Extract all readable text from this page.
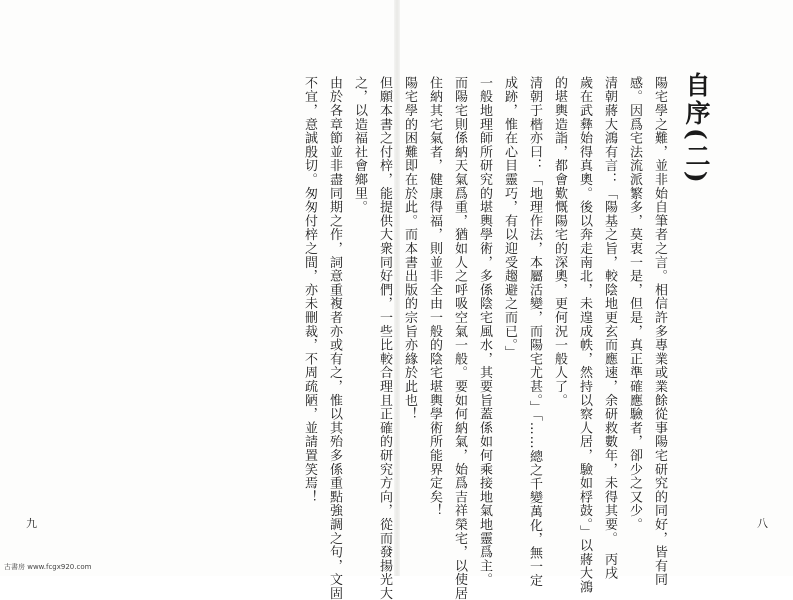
自序(二)
陽宅學之難，並非始自筆者之言。相信許多專業或業餘從事陽宅研究的同好，皆有同
感。因爲宅法流派繁多，莫衷一是，但是，真正準確應驗者，卻少之又少。
清朝蔣大鴻有言：「陽基之旨，較陰地更玄而應速，余研救數年，未得其要。　丙戌
歲在武彝始得真奧。後以奔走南北，未遑成帙，然持以察人居，驗如桴鼓。」以蔣大鴻
的堪輿造詣，都會歎慨陽宅的深奧，更何況一般人了。
清朝于楷亦曰：「地理作法，本屬活變，而陽宅尤甚。」「……總之千變萬化，無一定
成跡，惟在心目靈巧，有以迎受趨避之而已。」
一般地理師所研究的堪輿學術，多係陰宅風水，其要旨蓋係如何乘接地氣地靈爲主。
而陽宅則係納天氣爲重，猶如人之呼吸空氣一般。要如何納氣，始爲吉祥榮宅，以使居
住納其宅氣者，健康得福，則並非全由一般的陰宅堪輿學術所能界定矣！
陽宅學的困難即在於此。而本書出版的宗旨亦緣於此也！
但願本書之付梓，能提供大衆同好們，一些比較合理且正確的研究方向，從而發揚光大
之，以造福社會鄉里。
由於各章節並非盡同期之作，詞意重複者亦或有之，惟以其殆多係重點強調之句，文固
不宜，意誠殷切。匆匆付梓之間，亦未刪裁，不周疏陋，並請置笑焉！
九	八
古書房 www.fcgx920.com
